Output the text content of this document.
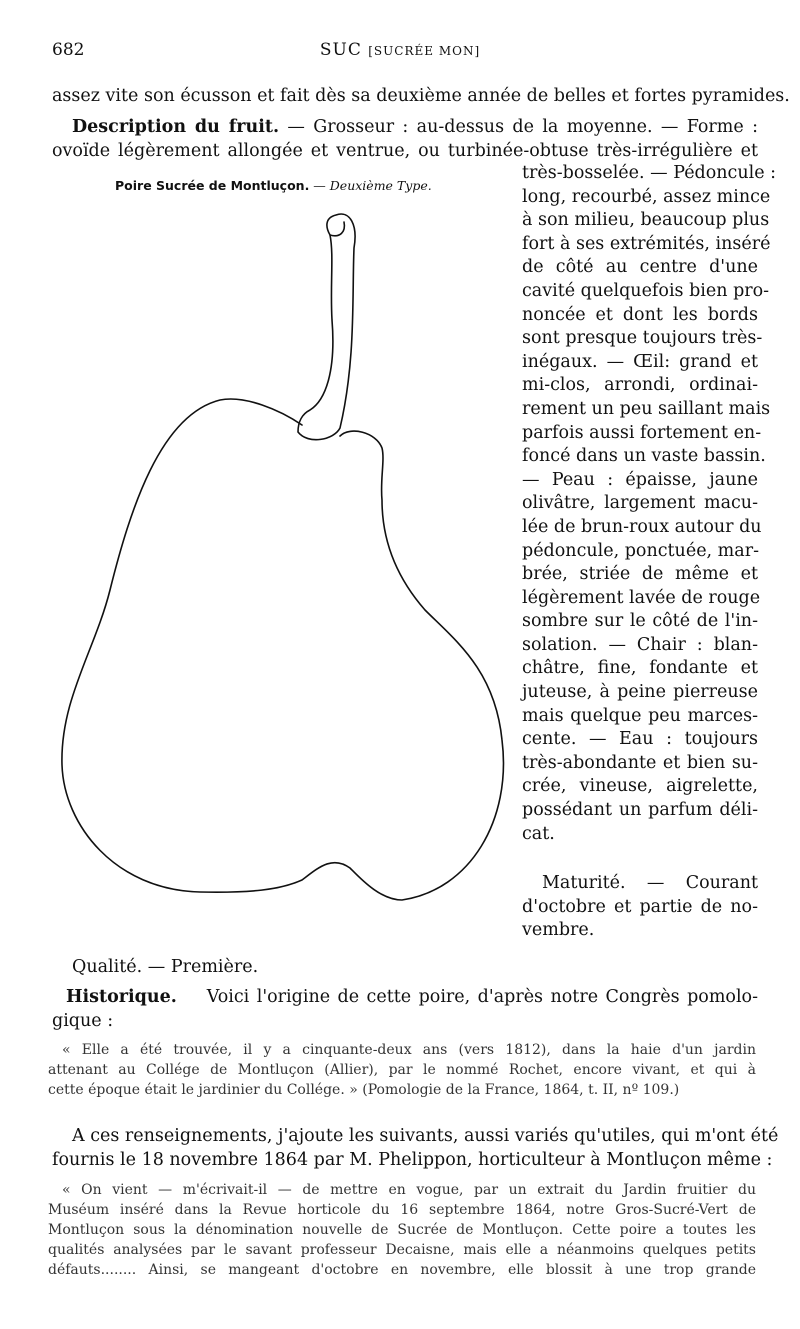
682	SUC [SUCRÉE MON]
assez vite son écusson et fait dès sa deuxième année de belles et fortes pyramides.
Description du fruit. — Grosseur : au-dessus de la moyenne. — Forme :
ovoïde légèrement allongée et ventrue, ou turbinée-obtuse très-irrégulière et
Poire Sucrée de Montluçon. — Deuxième Type.
très-bosselée. — Pédoncule :
long, recourbé, assez mince
à son milieu, beaucoup plus
fort à ses extrémités, inséré
de côté au centre d'une
cavité quelquefois bien pro-
noncée et dont les bords
sont presque toujours très-
inégaux. — Œil: grand et
mi-clos, arrondi, ordinai-
rement un peu saillant mais
parfois aussi fortement en-
foncé dans un vaste bassin.
— Peau : épaisse, jaune
olivâtre, largement macu-
lée de brun-roux autour du
pédoncule, ponctuée, mar-
brée, striée de même et
légèrement lavée de rouge
sombre sur le côté de l'in-
solation. — Chair : blan-
châtre, fine, fondante et
juteuse, à peine pierreuse
mais quelque peu marces-
cente. — Eau : toujours
très-abondante et bien su-
crée, vineuse, aigrelette,
possédant un parfum déli-
cat.
Maturité. — Courant
d'octobre et partie de no-
vembre.
Qualité. — Première.
Historique. Voici l'origine de cette poire, d'après notre Congrès pomolo-
gique :
« Elle a été trouvée, il y a cinquante-deux ans (vers 1812), dans la haie d'un jardin
attenant au Collége de Montluçon (Allier), par le nommé Rochet, encore vivant, et qui à
cette époque était le jardinier du Collége. » (Pomologie de la France, 1864, t. II, nº 109.)
A ces renseignements, j'ajoute les suivants, aussi variés qu'utiles, qui m'ont été
fournis le 18 novembre 1864 par M. Phelippon, horticulteur à Montluçon même :
« On vient — m'écrivait-il — de mettre en vogue, par un extrait du Jardin fruitier du
Muséum inséré dans la Revue horticole du 16 septembre 1864, notre Gros-Sucré-Vert de
Montluçon sous la dénomination nouvelle de Sucrée de Montluçon. Cette poire a toutes les
qualités analysées par le savant professeur Decaisne, mais elle a néanmoins quelques petits
défauts........ Ainsi, se mangeant d'octobre en novembre, elle blossit à une trop grande
